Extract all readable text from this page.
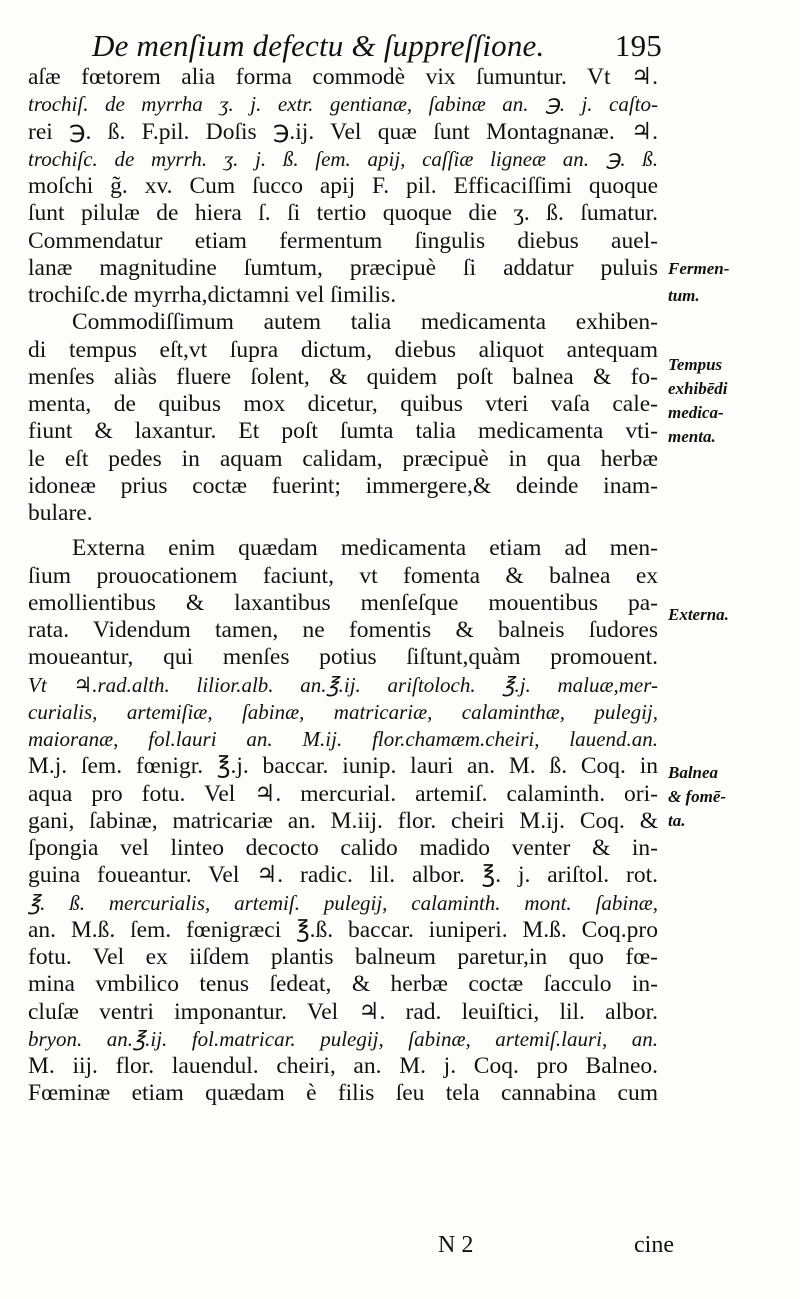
De menſium defectu & ſuppreſſione. 195
aſæ fœtorem alia forma commodè vix ſumuntur. Vt ♃.
trochiſ. de myrrha ʒ. j. extr. gentianæ, ſabinæ an. ℈. j. caſto-
rei ℈. ß. F.pil. Doſis ℈.ij. Vel quæ ſunt Montagnanæ. ♃.
trochiſc. de myrrh. ʒ. j. ß. ſem. apij, caſſiæ ligneæ an. ℈. ß.
moſchi g̃. xv. Cum ſucco apij F. pil. Efficaciſſimi quoque
ſunt pilulæ de hiera ſ. ſi tertio quoque die ʒ. ß. ſumatur.
Commendatur etiam fermentum ſingulis diebus auel-
lanæ magnitudine ſumtum, præcipuè ſi addatur puluis
trochiſc.de myrrha,dictamni vel ſimilis.
Commodiſſimum autem talia medicamenta exhiben-
di tempus eſt,vt ſupra dictum, diebus aliquot antequam
menſes aliàs fluere ſolent, & quidem poſt balnea & fo-
menta, de quibus mox dicetur, quibus vteri vaſa cale-
fiunt & laxantur. Et poſt ſumta talia medicamenta vti-
le eſt pedes in aquam calidam, præcipuè in qua herbæ
idoneæ prius coctæ fuerint; immergere,& deinde inam-
bulare.
Externa enim quædam medicamenta etiam ad men-
ſium prouocationem faciunt, vt fomenta & balnea ex
emollientibus & laxantibus menſeſque mouentibus pa-
rata. Videndum tamen, ne fomentis & balneis ſudores
moueantur, qui menſes potius ſiſtunt,quàm promouent.
Vt ♃.rad.alth. lilior.alb. an.℥.ij. ariſtoloch. ℥.j. maluæ,mer-
curialis, artemiſiæ, ſabinæ, matricariæ, calaminthæ, pulegij,
maioranæ, fol.lauri an. M.ij. flor.chamæm.cheiri, lauend.an.
M.j. ſem. fœnigr. ℥.j. baccar. iunip. lauri an. M. ß. Coq. in
aqua pro fotu. Vel ♃. mercurial. artemiſ. calaminth. ori-
gani, ſabinæ, matricariæ an. M.iij. flor. cheiri M.ij. Coq. &
ſpongia vel linteo decocto calido madido venter & in-
guina foueantur. Vel ♃. radic. lil. albor. ℥. j. ariſtol. rot.
℥. ß. mercurialis, artemiſ. pulegij, calaminth. mont. ſabinæ,
an. M.ß. ſem. fœnigræci ℥.ß. baccar. iuniperi. M.ß. Coq.pro
fotu. Vel ex iiſdem plantis balneum paretur,in quo fœ-
mina vmbilico tenus ſedeat, & herbæ coctæ ſacculo in-
cluſæ ventri imponantur. Vel ♃. rad. leuiſtici, lil. albor.
bryon. an.℥.ij. fol.matricar. pulegij, ſabinæ, artemiſ.lauri, an.
M. iij. flor. lauendul. cheiri, an. M. j. Coq. pro Balneo.
Fœminæ etiam quædam è filis ſeu tela cannabina cum
Fermen-
tum.
Tempus
exhibēdi
medica-
menta.
Externa.
Balnea
& fomē-
ta.
N 2	cine
